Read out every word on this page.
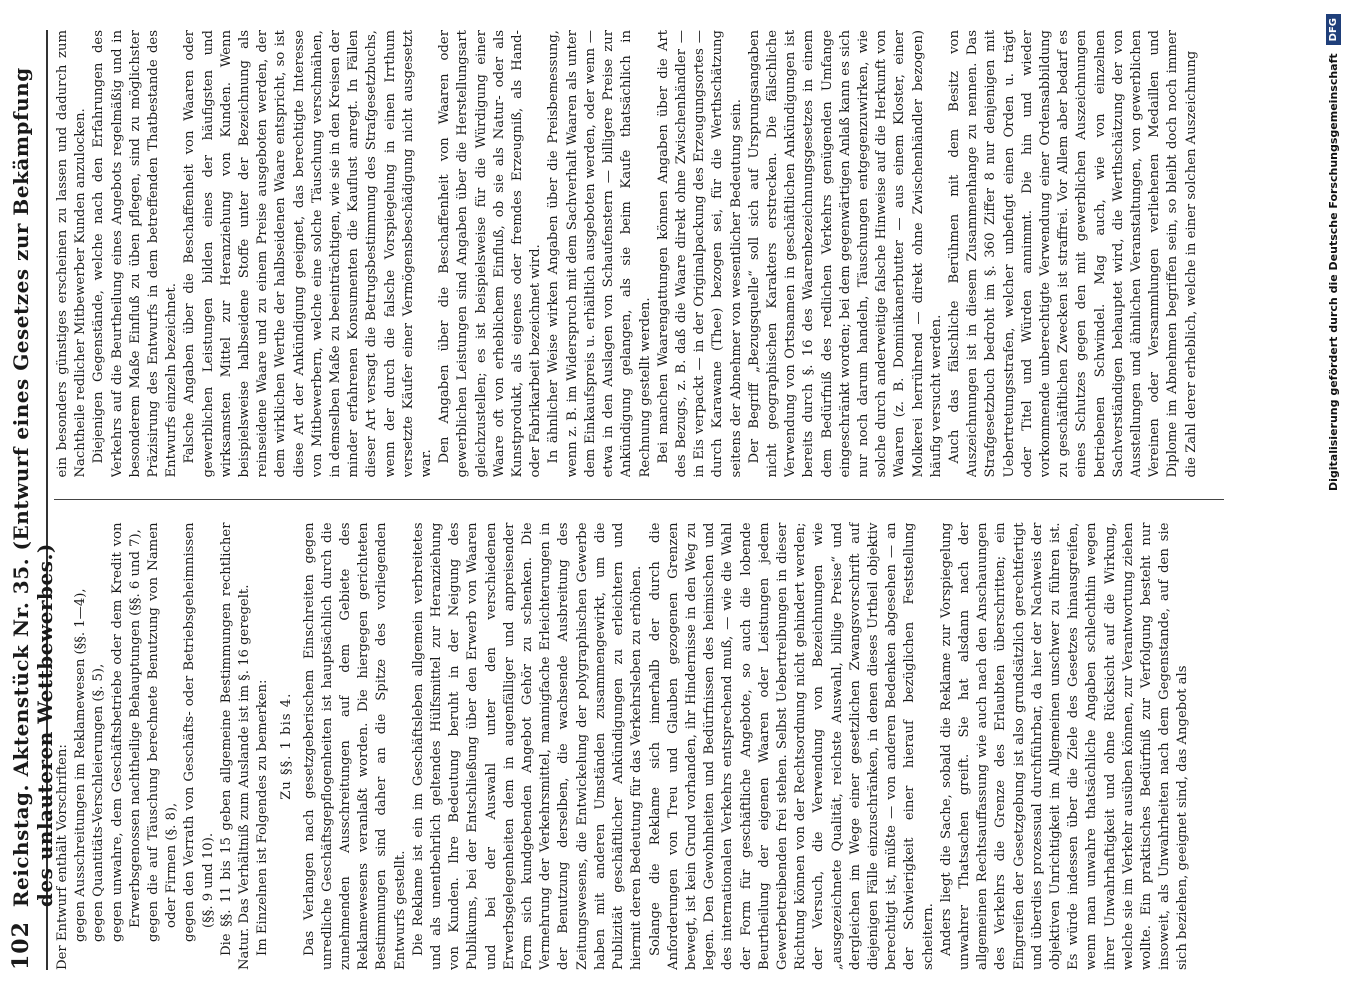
102
Reichstag. Aktenstück Nr. 35. (Entwurf eines Gesetzes zur Bekämpfung des unlauteren Wettbewerbes.)

Der Entwurf enthält Vorschriften: gegen Ausschreitungen im Reklamewesen (§§. 1—4), gegen Quantitäts-Verschleierungen (§. 5), gegen unwahre, dem Geschäftsbetriebe oder dem Kredit von Erwerbsgenossen nachtheilige Behauptungen (§§. 6 und 7), gegen die auf Täuschung berechnete Benutzung von Namen oder Firmen (§. 8), gegen den Verrath von Geschäfts- oder Betriebsgeheimnissen (§§. 9 und 10). Die §§. 11 bis 15 geben allgemeine Bestimmungen rechtlicher Natur. Das Verhältniß zum Auslande ist im §. 16 geregelt. Im Einzelnen ist Folgendes zu bemerken: Zu §§. 1 bis 4. Das Verlangen nach gesetzgeberischem Einschreiten gegen unredliche Geschäftsgepflogenheiten ist hauptsächlich durch die zunehmenden Ausschreitungen auf dem Gebiete des Reklamewesens veranlaßt worden. Die hiergegen gerichteten Bestimmungen sind daher an die Spitze des vorliegenden Entwurfs gestellt. Die Reklame ist ein im Geschäftsleben allgemein verbreitetes und als unentbehrlich geltendes Hülfsmittel zur Heranziehung von Kunden. Ihre Bedeutung beruht in der Neigung des Publikums, bei der Entschließung über den Erwerb von Waaren und bei der Auswahl unter den verschiedenen Erwerbsgelegenheiten dem in augenfälliger und anpreisender Form sich kundgebenden Angebot Gehör zu schenken. Die Vermehrung der Verkehrsmittel, mannigfache Erleichterungen in der Benutzung derselben, die wachsende Ausbreitung des Zeitungswesens, die Entwickelung der polygraphischen Gewerbe haben mit anderen Umständen zusammengewirkt, um die Publizität geschäftlicher Ankündigungen zu erleichtern und hiermit deren Bedeutung für das Verkehrsleben zu erhöhen. Solange die Reklame sich innerhalb der durch die Anforderungen von Treu und Glauben gezogenen Grenzen bewegt, ist kein Grund vorhanden, ihr Hindernisse in den Weg zu legen. Den Gewohnheiten und Bedürfnissen des heimischen und des internationalen Verkehrs entsprechend muß, — wie die Wahl der Form für geschäftliche Angebote, so auch die lobende Beurtheilung der eigenen Waaren oder Leistungen jedem Gewerbetreibenden frei stehen. Selbst Uebertreibungen in dieser Richtung können von der Rechtsordnung nicht gehindert werden; der Versuch, die Verwendung von Bezeichnungen wie „ausgezeichnete Qualität, reichste Auswahl, billige Preise“ und dergleichen im Wege einer gesetzlichen Zwangsvorschrift auf diejenigen Fälle einzuschränken, in denen dieses Urtheil objektiv berechtigt ist, müßte — von anderen Bedenken abgesehen — an der Schwierigkeit einer hierauf bezüglichen Feststellung scheitern. Anders liegt die Sache, sobald die Reklame zur Vorspiegelung unwahrer Thatsachen greift. Sie hat alsdann nach der allgemeinen Rechtsauffassung wie auch nach den Anschauungen des Verkehrs die Grenze des Erlaubten überschritten; ein Eingreifen der Gesetzgebung ist also grundsätzlich gerechtfertigt und überdies prozessual durchführbar, da hier der Nachweis der objektiven Unrichtigkeit im Allgemeinen unschwer zu führen ist. Es würde indessen über die Ziele des Gesetzes hinausgreifen, wenn man unwahre thatsächliche Angaben schlechthin wegen ihrer Unwahrhaftigkeit und ohne Rücksicht auf die Wirkung, welche sie im Verkehr ausüben können, zur Verantwortung ziehen wollte. Ein praktisches Bedürfniß zur Verfolgung besteht nur insoweit, als Unwahrheiten nach dem Gegenstande, auf den sie sich beziehen, geeignet sind, das Angebot als

ein besonders günstiges erscheinen zu lassen und dadurch zum Nachtheile redlicher Mitbewerber Kunden anzulocken. Diejenigen Gegenstände, welche nach den Erfahrungen des Verkehrs auf die Beurtheilung eines Angebots regelmäßig und in besonderem Maße Einfluß zu üben pflegen, sind zu möglichster Präzisirung des Entwurfs in dem betreffenden Thatbestande des Entwurfs einzeln bezeichnet. Falsche Angaben über die Beschaffenheit von Waaren oder gewerblichen Leistungen bilden eines der häufigsten und wirksamsten Mittel zur Heranziehung von Kunden. Wenn beispielsweise halbseidene Stoffe unter der Bezeichnung als reinseidene Waare und zu einem Preise ausgeboten werden, der dem wirklichen Werthe der halbseidenen Waare entspricht, so ist diese Art der Ankündigung geeignet, das berechtigte Interesse von Mitbewerbern, welche eine solche Täuschung verschmähen, in demselben Maße zu beeinträchtigen, wie sie in den Kreisen der minder erfahrenen Konsumenten die Kauflust anregt. In Fällen dieser Art versagt die Betrugsbestimmung des Strafgesetzbuchs, wenn der durch die falsche Vorspiegelung in einen Irrthum versetzte Käufer einer Vermögensbeschädigung nicht ausgesetzt war. Den Angaben über die Beschaffenheit von Waaren oder gewerblichen Leistungen sind Angaben über die Herstellungsart gleichzustellen; es ist beispielsweise für die Würdigung einer Waare oft von erheblichem Einfluß, ob sie als Natur- oder als Kunstprodukt, als eigenes oder fremdes Erzeugniß, als Hand- oder Fabrikarbeit bezeichnet wird. In ähnlicher Weise wirken Angaben über die Preisbemessung, wenn z. B. im Widerspruch mit dem Sachverhalt Waaren als unter dem Einkaufspreis u. erhältlich ausgeboten werden, oder wenn — etwa in den Auslagen von Schaufenstern — billigere Preise zur Ankündigung gelangen, als sie beim Kaufe thatsächlich in Rechnung gestellt werden. Bei manchen Waarengattungen können Angaben über die Art des Bezugs, z. B. daß die Waare direkt ohne Zwischenhändler — in Eis verpackt — in der Originalpackung des Erzeugungsortes — durch Karawane (Thee) bezogen sei, für die Werthschätzung seitens der Abnehmer von wesentlicher Bedeutung sein. Der Begriff „Bezugsquelle“ soll sich auf Ursprungsangaben nicht geographischen Karakters erstrecken. Die fälschliche Verwendung von Ortsnamen in geschäftlichen Ankündigungen ist bereits durch §. 16 des Waarenbezeichnungsgesetzes in einem dem Bedürfniß des redlichen Verkehrs genügenden Umfange eingeschränkt worden; bei dem gegenwärtigen Anlaß kann es sich nur noch darum handeln, Täuschungen entgegenzuwirken, wie solche durch anderweitige falsche Hinweise auf die Herkunft von Waaren (z. B. Dominikanerbutter — aus einem Kloster, einer Molkerei herrührend — direkt ohne Zwischenhändler bezogen) häufig versucht werden. Auch das fälschliche Berühmen mit dem Besitz von Auszeichnungen ist in diesem Zusammenhange zu nennen. Das Strafgesetzbuch bedroht im §. 360 Ziffer 8 nur denjenigen mit Uebertretungsstrafen, welcher unbefugt einen Orden u. trägt oder Titel und Würden annimmt. Die hin und wieder vorkommende unberechtigte Verwendung einer Ordensabbildung zu geschäftlichen Zwecken ist straffrei. Vor Allem aber bedarf es eines Schutzes gegen den mit gewerblichen Auszeichnungen betriebenen Schwindel. Mag auch, wie von einzelnen Sachverständigen behauptet wird, die Werthschätzung der von Ausstellungen und ähnlichen Veranstaltungen, von gewerblichen Vereinen oder Versammlungen verliehenen Medaillen und Diplome im Abnehmen begriffen sein, so bleibt doch noch immer die Zahl derer erheblich, welche in einer solchen Auszeichnung	Digitalisierung gefördert durch die Deutsche Forschungsgemeinschaft
DFG
